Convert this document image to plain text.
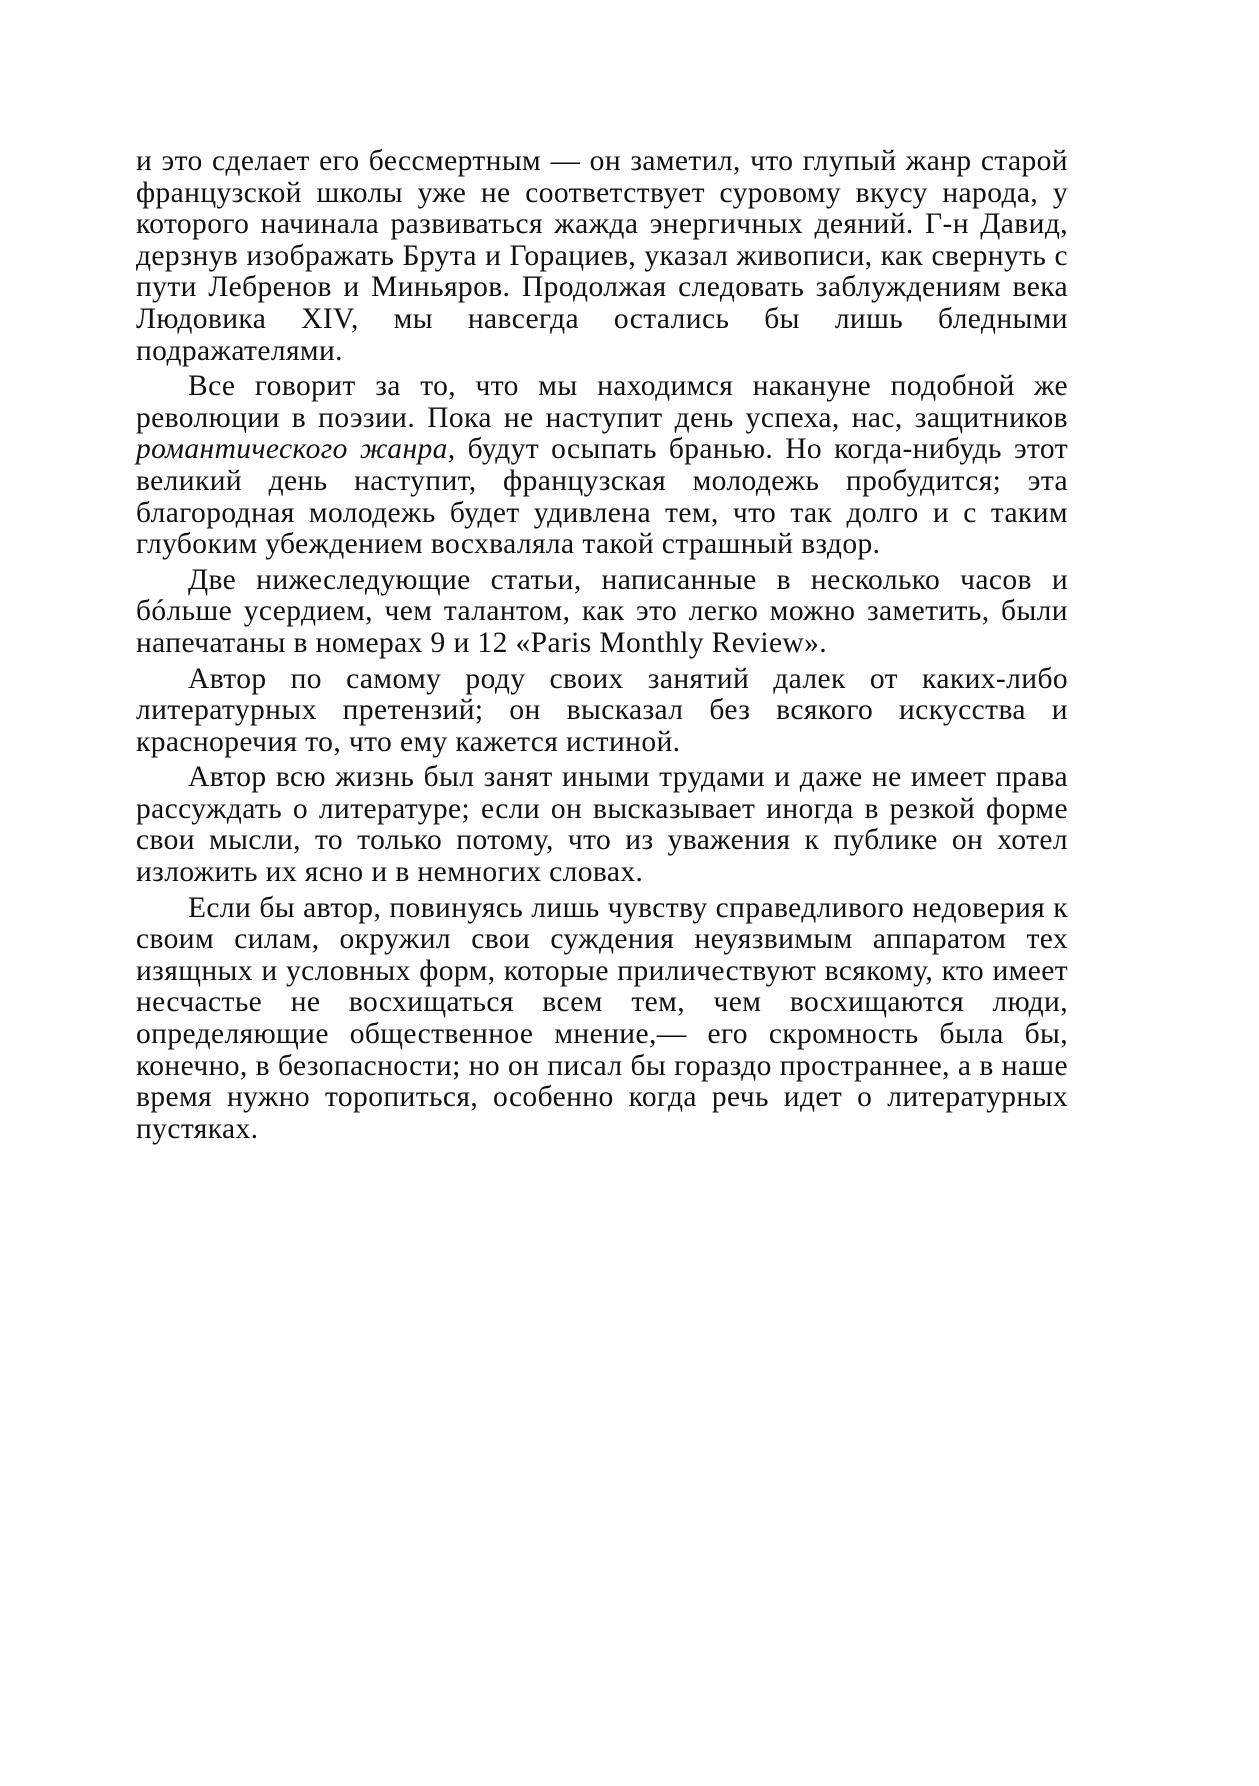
и это сделает его бессмертным — он заметил, что глупый жанр старой французской школы уже не соответствует суровому вкусу народа, у которого начинала развиваться жажда энергичных деяний. Г-н Давид, дерзнув изображать Брута и Горациев, указал живописи, как свернуть с пути Лебренов и Миньяров. Продолжая следовать заблуждениям века Людовика XIV, мы навсегда остались бы лишь бледными подражателями.

Все говорит за то, что мы находимся накануне подобной же революции в поэзии. Пока не наступит день успеха, нас, защитников романтического жанра, будут осыпать бранью. Но когда-нибудь этот великий день наступит, французская молодежь пробудится; эта благородная молодежь будет удивлена тем, что так долго и с таким глубоким убеждением восхваляла такой страшный вздор.

Две нижеследующие статьи, написанные в несколько часов и бóльше усердием, чем талантом, как это легко можно заметить, были напечатаны в номерах 9 и 12 «Paris Monthly Review».

Автор по самому роду своих занятий далек от каких-либо литературных претензий; он высказал без всякого искусства и красноречия то, что ему кажется истиной.

Автор всю жизнь был занят иными трудами и даже не имеет права рассуждать о литературе; если он высказывает иногда в резкой форме свои мысли, то только потому, что из уважения к публике он хотел изложить их ясно и в немногих словах.

Если бы автор, повинуясь лишь чувству справедливого недоверия к своим силам, окружил свои суждения неуязвимым аппаратом тех изящных и условных форм, которые приличествуют всякому, кто имеет несчастье не восхищаться всем тем, чем восхищаются люди, определяющие общественное мнение,— его скромность была бы, конечно, в безопасности; но он писал бы гораздо пространнее, а в наше время нужно торопиться, особенно когда речь идет о литературных пустяках.
